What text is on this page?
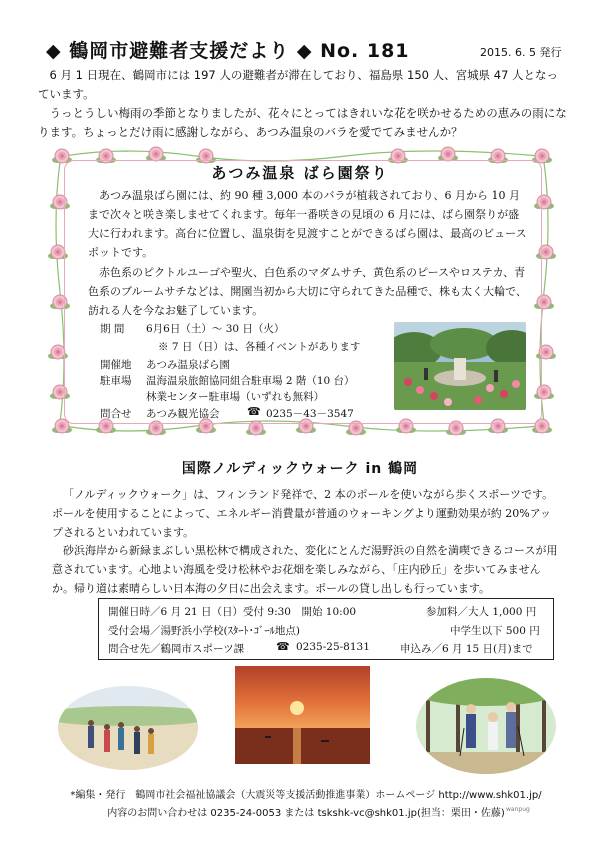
◆ 鶴岡市避難者支援だより ◆ No. 181	2015. 6. 5 発行

6 月 1 日現在、鶴岡市には 197 人の避難者が滞在しており、福島県 150 人、宮城県 47 人となっています。

うっとうしい梅雨の季節となりましたが、花々にとってはきれいな花を咲かせるための恵みの雨になります。ちょっとだけ雨に感謝しながら、あつみ温泉のバラを愛でてみませんか？

あつみ温泉 ばら園祭り

あつみ温泉ばら園には、約 90 種 3,000 本のバラが植栽されており、6 月から 10 月まで次々と咲き楽しませてくれます。毎年一番咲きの見頃の 6 月には、ばら園祭りが盛大に行われます。高台に位置し、温泉街を見渡すことができるばら園は、最高のビュースポットです。

赤色系のピクトルユーゴや聖火、白色系のマダムサチ、黄色系のピースやロステカ、青色系のブルームサチなどは、開園当初から大切に守られてきた品種で、株も太く大輪で、訪れる人を今なお魅了しています。

期 間 6月6日（土）～ 30 日（火）
※ 7 日（日）は、各種イベントがあります
開催地 あつみ温泉ばら園
駐車場 温海温泉旅館協同組合駐車場 2 階（10 台）
林業センター駐車場（いずれも無料）
問合せ あつみ観光協会	☎ 0235－43－3547
国際ノルディックウォーク in 鶴岡

「ノルディックウォーク」は、フィンランド発祥で、2 本のポールを使いながら歩くスポーツです。ポールを使用することによって、エネルギー消費量が普通のウォーキングより運動効果が約 20%アップされるといわれています。

砂浜海岸から新緑まぶしい黒松林で構成された、変化にとんだ湯野浜の自然を満喫できるコースが用意されています。心地よい海風を受け松林やお花畑を楽しみながら、「庄内砂丘」を歩いてみませんか。帰り道は素晴らしい日本海の夕日に出会えます。ポールの貸し出しも行っています。

開催日時／6 月 21 日（日）受付 9:30　開始 10:00	参加料／大人 1,000 円
受付会場／湯野浜小学校(ｽﾀｰﾄ･ｺﾞｰﾙ地点)	中学生以下 500 円
問合せ先／鶴岡市スポーツ課	☎ 0235-25-8131	申込み／6 月 15 日(月)まで
*編集・発行　鶴岡市社会福祉協議会（大震災等支援活動推進事業）ホームページ http://www.shk01.jp/
内容のお問い合わせは 0235-24-0053 または tskshk-vc@shk01.jp(担当：栗田・佐藤) wanpug
